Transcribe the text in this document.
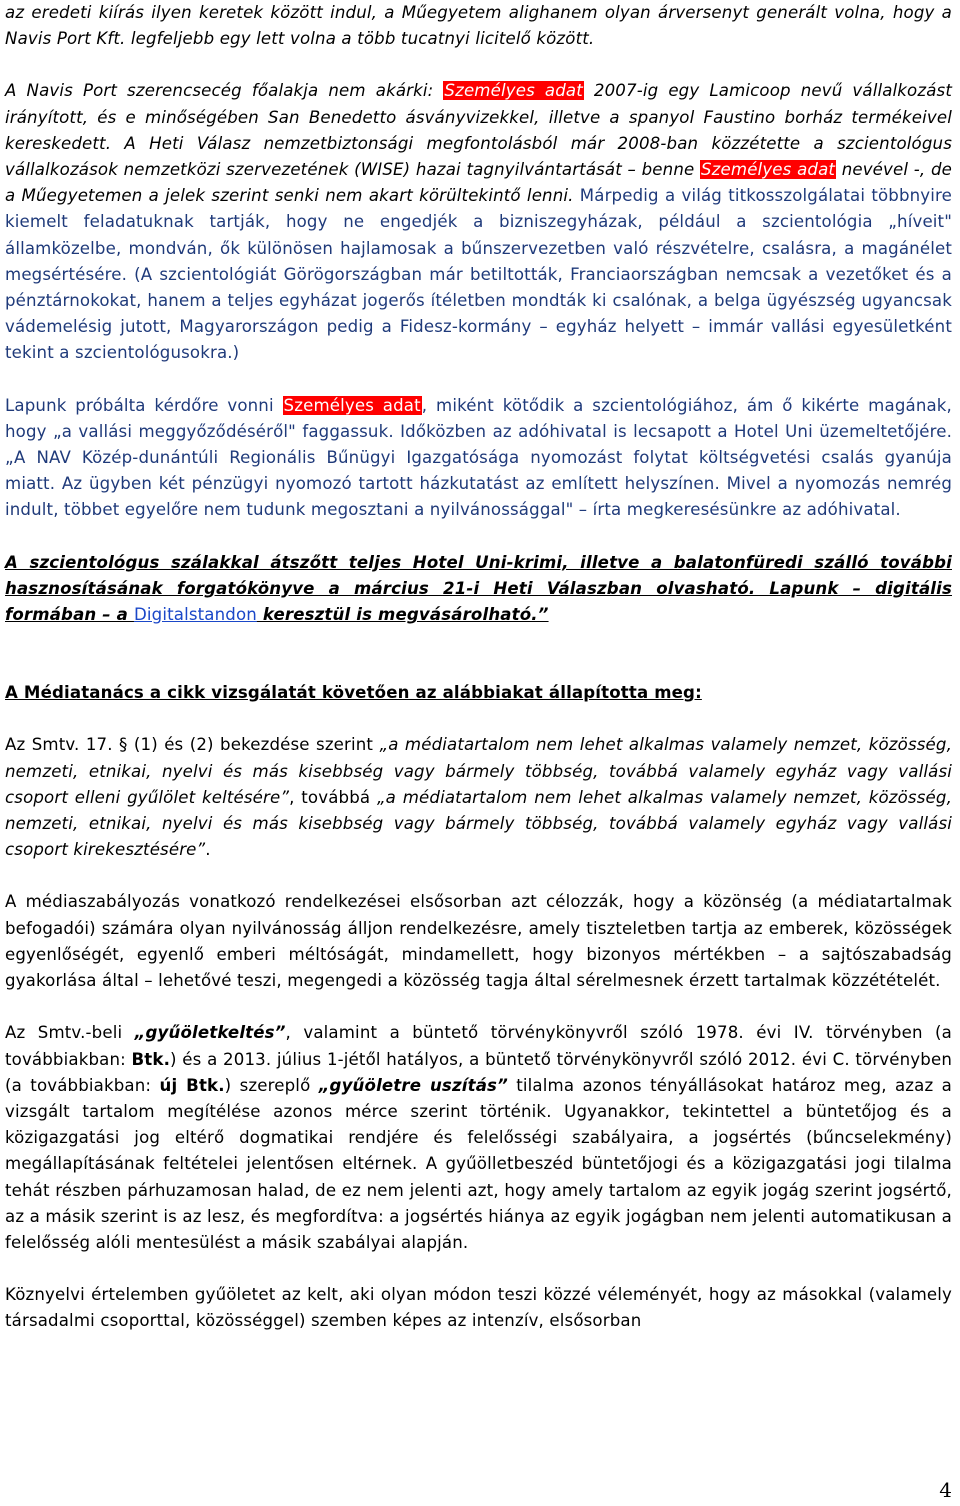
az eredeti kiírás ilyen keretek között indul, a Műegyetem alighanem olyan árversenyt generált volna, hogy a Navis Port Kft. legfeljebb egy lett volna a több tucatnyi licitelő között.

A Navis Port szerencsecég főalakja nem akárki: Személyes adat 2007-ig egy Lamicoop nevű vállalkozást irányított, és e minőségében San Benedetto ásványvizekkel, illetve a spanyol Faustino borház termékeivel kereskedett. A Heti Válasz nemzetbiztonsági megfontolásból már 2008-ban közzétette a szcientológus vállalkozások nemzetközi szervezetének (WISE) hazai tagnyilvántartását – benne Személyes adat nevével -, de a Műegyetemen a jelek szerint senki nem akart körültekintő lenni. Márpedig a világ titkosszolgálatai többnyire kiemelt feladatuknak tartják, hogy ne engedjék a bizniszegyházak, például a szcientológia „híveit" államközelbe, mondván, ők különösen hajlamosak a bűnszervezetben való részvételre, csalásra, a magánélet megsértésére. (A szcientológiát Görögországban már betiltották, Franciaországban nemcsak a vezetőket és a pénztárnokokat, hanem a teljes egyházat jogerős ítéletben mondták ki csalónak, a belga ügyészség ugyancsak vádemelésig jutott, Magyarországon pedig a Fidesz-kormány – egyház helyett – immár vallási egyesületként tekint a szcientológusokra.)

Lapunk próbálta kérdőre vonni Személyes adat, miként kötődik a szcientológiához, ám ő kikérte magának, hogy „a vallási meggyőződéséről" faggassuk. Időközben az adóhivatal is lecsapott a Hotel Uni üzemeltetőjére. „A NAV Közép-dunántúli Regionális Bűnügyi Igazgatósága nyomozást folytat költségvetési csalás gyanúja miatt. Az ügyben két pénzügyi nyomozó tartott házkutatást az említett helyszínen. Mivel a nyomozás nemrég indult, többet egyelőre nem tudunk megosztani a nyilvánossággal" – írta megkeresésünkre az adóhivatal.

A szcientológus szálakkal átszőtt teljes Hotel Uni-krimi, illetve a balatonfüredi szálló további hasznosításának forgatókönyve a március 21-i Heti Válaszban olvasható. Lapunk – digitális formában – a Digitalstandon keresztül is megvásárolható.”

A Médiatanács a cikk vizsgálatát követően az alábbiakat állapította meg:

Az Smtv. 17. § (1) és (2) bekezdése szerint „a médiatartalom nem lehet alkalmas valamely nemzet, közösség, nemzeti, etnikai, nyelvi és más kisebbség vagy bármely többség, továbbá valamely egyház vagy vallási csoport elleni gyűlölet keltésére”, továbbá „a médiatartalom nem lehet alkalmas valamely nemzet, közösség, nemzeti, etnikai, nyelvi és más kisebbség vagy bármely többség, továbbá valamely egyház vagy vallási csoport kirekesztésére”.

A médiaszabályozás vonatkozó rendelkezései elsősorban azt célozzák, hogy a közönség (a médiatartalmak befogadói) számára olyan nyilvánosság álljon rendelkezésre, amely tiszteletben tartja az emberek, közösségek egyenlőségét, egyenlő emberi méltóságát, mindamellett, hogy bizonyos mértékben – a sajtószabadság gyakorlása által – lehetővé teszi, megengedi a közösség tagja által sérelmesnek érzett tartalmak közzétételét.

Az Smtv.-beli „gyűöletkeltés”, valamint a büntető törvénykönyvről szóló 1978. évi IV. törvényben (a továbbiakban: Btk.) és a 2013. július 1-jétől hatályos, a büntető törvénykönyvről szóló 2012. évi C. törvényben (a továbbiakban: új Btk.) szereplő „gyűöletre uszítás” tilalma azonos tényállásokat határoz meg, azaz a vizsgált tartalom megítélése azonos mérce szerint történik. Ugyanakkor, tekintettel a büntetőjog és a közigazgatási jog eltérő dogmatikai rendjére és felelősségi szabályaira, a jogsértés (bűncselekmény) megállapításának feltételei jelentősen eltérnek. A gyűölletbeszéd büntetőjogi és a közigazgatási jogi tilalma tehát részben párhuzamosan halad, de ez nem jelenti azt, hogy amely tartalom az egyik jogág szerint jogsértő, az a másik szerint is az lesz, és megfordítva: a jogsértés hiánya az egyik jogágban nem jelenti automatikusan a felelősség alóli mentesülést a másik szabályai alapján.

Köznyelvi értelemben gyűöletet az kelt, aki olyan módon teszi közzé véleményét, hogy az másokkal (valamely társadalmi csoporttal, közösséggel) szemben képes az intenzív, elsősorban

4
